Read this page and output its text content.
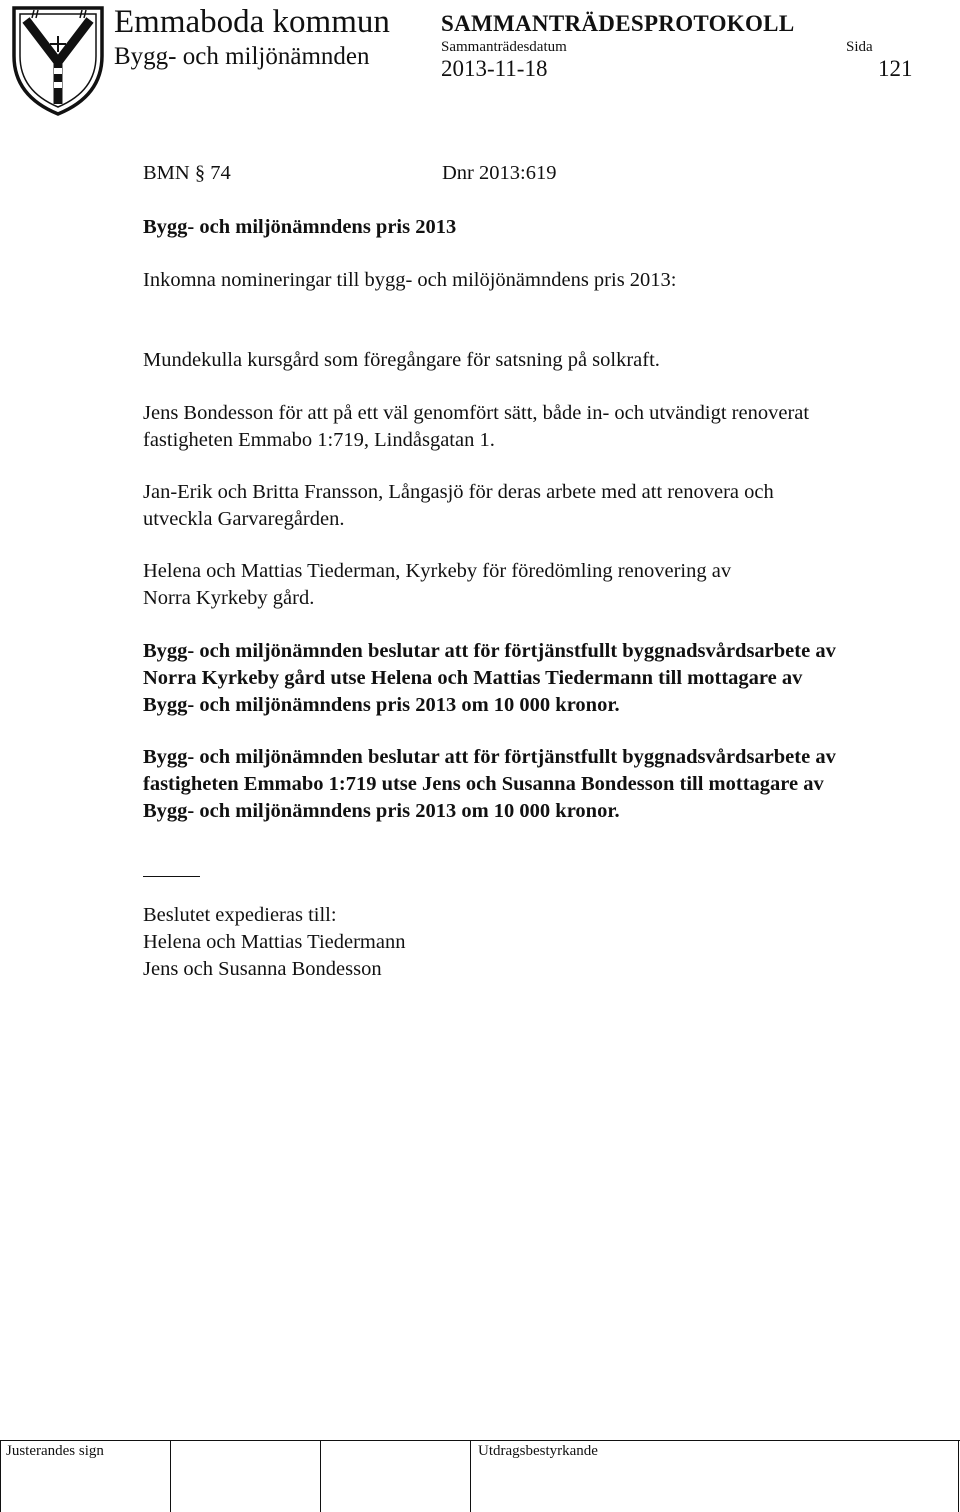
Emmaboda kommun
Bygg- och miljönämnden
SAMMANTRÄDESPROTOKOLL
Sammanträdesdatum	Sida
2013-11-18	121
BMN § 74	Dnr 2013:619
Bygg- och miljönämndens pris 2013
Inkomna nomineringar till bygg- och milöjönämndens pris 2013:
Mundekulla kursgård som föregångare för satsning på solkraft.
Jens Bondesson för att på ett väl genomfört sätt, både in- och utvändigt renoverat
fastigheten Emmabo 1:719, Lindåsgatan 1.
Jan-Erik och Britta Fransson, Långasjö för deras arbete med att renovera och
utveckla Garvaregården.
Helena och Mattias Tiederman, Kyrkeby för föredömling renovering av
Norra Kyrkeby gård.
Bygg- och miljönämnden beslutar att för förtjänstfullt byggnadsvårdsarbete av
Norra Kyrkeby gård utse Helena och Mattias Tiedermann till mottagare av
Bygg- och miljönämndens pris 2013 om 10 000 kronor.
Bygg- och miljönämnden beslutar att för förtjänstfullt byggnadsvårdsarbete av
fastigheten Emmabo 1:719 utse Jens och Susanna Bondesson till mottagare av
Bygg- och miljönämndens pris 2013 om 10 000 kronor.
Beslutet expedieras till:
Helena och Mattias Tiedermann
Jens och Susanna Bondesson
Justerandes sign	Utdragsbestyrkande
